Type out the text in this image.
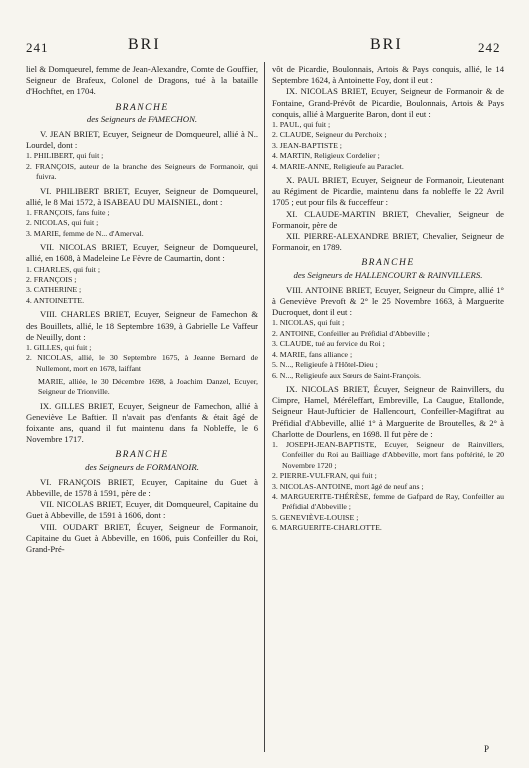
241	BRI	BRI	242

liel & Domqueurel, femme de Jean-Alexandre, Comte de Gouffier, Seigneur de Brafeux, Colonel de Dragons, tué à la bataille d'Hochftet, en 1704.

BRANCHE
des Seigneurs de FAMECHON.

V. JEAN BRIET, Ecuyer, Seigneur de Domqueurel, allié à N.. Lourdel, dont :

1. PHILIBERT, qui fuit ;
2. FRANÇOIS, auteur de la branche des Seigneurs de Formanoir, qui fuivra.

VI. PHILIBERT BRIET, Ecuyer, Seigneur de Domqueurel, allié, le 8 Mai 1572, à ISABEAU DU MAISNIEL, dont :

1. FRANÇOIS, fans fuite ;
2. NICOLAS, qui fuit ;
3. MARIE, femme de N... d'Amerval.

VII. NICOLAS BRIET, Ecuyer, Seigneur de Domqueurel, allié, en 1608, à Madeleine Le Fèvre de Caumartin, dont :

1. CHARLES, qui fuit ;
2. FRANÇOIS ;
3. CATHERINE ;
4. ANTOINETTE.

VIII. CHARLES BRIET, Ecuyer, Seigneur de Famechon & des Bouillets, allié, le 18 Septembre 1639, à Gabrielle Le Vaffeur de Neuilly, dont :

1. GILLES, qui fuit ;
2. NICOLAS, allié, le 30 Septembre 1675, à Jeanne Bernard de Nullemont, mort en 1678, laiffant

MARIE, alliée, le 30 Décembre 1698, à Joachim Danzel, Ecuyer, Seigneur de Trionville.

IX. GILLES BRIET, Ecuyer, Seigneur de Famechon, allié à Geneviève Le Baftier. Il n'avait pas d'enfants & était âgé de foixante ans, quand il fut maintenu dans fa Nobleffe, le 6 Novembre 1717.

BRANCHE
des Seigneurs de FORMANOIR.

VI. FRANÇOIS BRIET, Ecuyer, Capitaine du Guet à Abbeville, de 1578 à 1591, père de :

VII. NICOLAS BRIET, Ecuyer, dit Domqueurel, Capitaine du Guet à Abbeville, de 1591 à 1606, dont :

VIII. OUDART BRIET, Écuyer, Seigneur de Formanoir, Capitaine du Guet à Abbeville, en 1606, puis Confeiller du Roi, Grand-Pré-

vôt de Picardie, Boulonnais, Artois & Pays conquis, allié, le 14 Septembre 1624, à Antoinette Foy, dont il eut :

IX. NICOLAS BRIET, Ecuyer, Seigneur de Formanoir & de Fontaine, Grand-Prévôt de Picardie, Boulonnais, Artois & Pays conquis, allié à Marguerite Baron, dont il eut :

1. PAUL, qui fuit ;
2. CLAUDE, Seigneur du Perchoix ;
3. JEAN-BAPTISTE ;
4. MARTIN, Religieux Cordelier ;
4. MARIE-ANNE, Religieufe au Paraclet.

X. PAUL BRIET, Ecuyer, Seigneur de Formanoir, Lieutenant au Régiment de Picardie, maintenu dans fa nobleffe le 22 Avril 1705 ; eut pour fils & fucceffeur :

XI. CLAUDE-MARTIN BRIET, Chevalier, Seigneur de Formanoir, père de

XII. PIERRE-ALEXANDRE BRIET, Chevalier, Seigneur de Formanoir, en 1789.

BRANCHE
des Seigneurs de HALLENCOURT & RAINVILLERS.

VIII. ANTOINE BRIET, Ecuyer, Seigneur du Cimpre, allié 1° à Geneviève Prevoft & 2° le 25 Novembre 1663, à Marguerite Ducroquet, dont il eut :

1. NICOLAS, qui fuit ;
2. ANTOINE, Confeiller au Préfidial d'Abbeville ;
3. CLAUDE, tué au fervice du Roi ;
4. MARIE, fans alliance ;
5. N..., Religieufe à l'Hôtel-Dieu ;
6. N..., Religieufe aux Sœurs de Saint-François.

IX. NICOLAS BRIET, Écuyer, Seigneur de Rainvillers, du Cimpre, Hamel, Méréleffart, Embreville, La Caugue, Etallonde, Seigneur Haut-Jufticier de Hallencourt, Confeiller-Magiftrat au Préfidial d'Abbeville, allié 1° à Marguerite de Broutelles, & 2° à Charlotte de Dourlens, en 1698. Il fut père de :

1. JOSEPH-JEAN-BAPTISTE, Ecuyer, Seigneur de Rainvillers, Confeiller du Roi au Bailliage d'Abbeville, mort fans poftérité, le 20 Novembre 1720 ;
2. PIERRE-VULFRAN, qui fuit ;
3. NICOLAS-ANTOINE, mort âgé de neuf ans ;
4. MARGUERITE-THÉRÈSE, femme de Gafpard de Ray, Confeiller au Préfidial d'Abbeville ;
5. GENEVIÈVE-LOUISE ;
6. MARGUERITE-CHARLOTTE.
P
